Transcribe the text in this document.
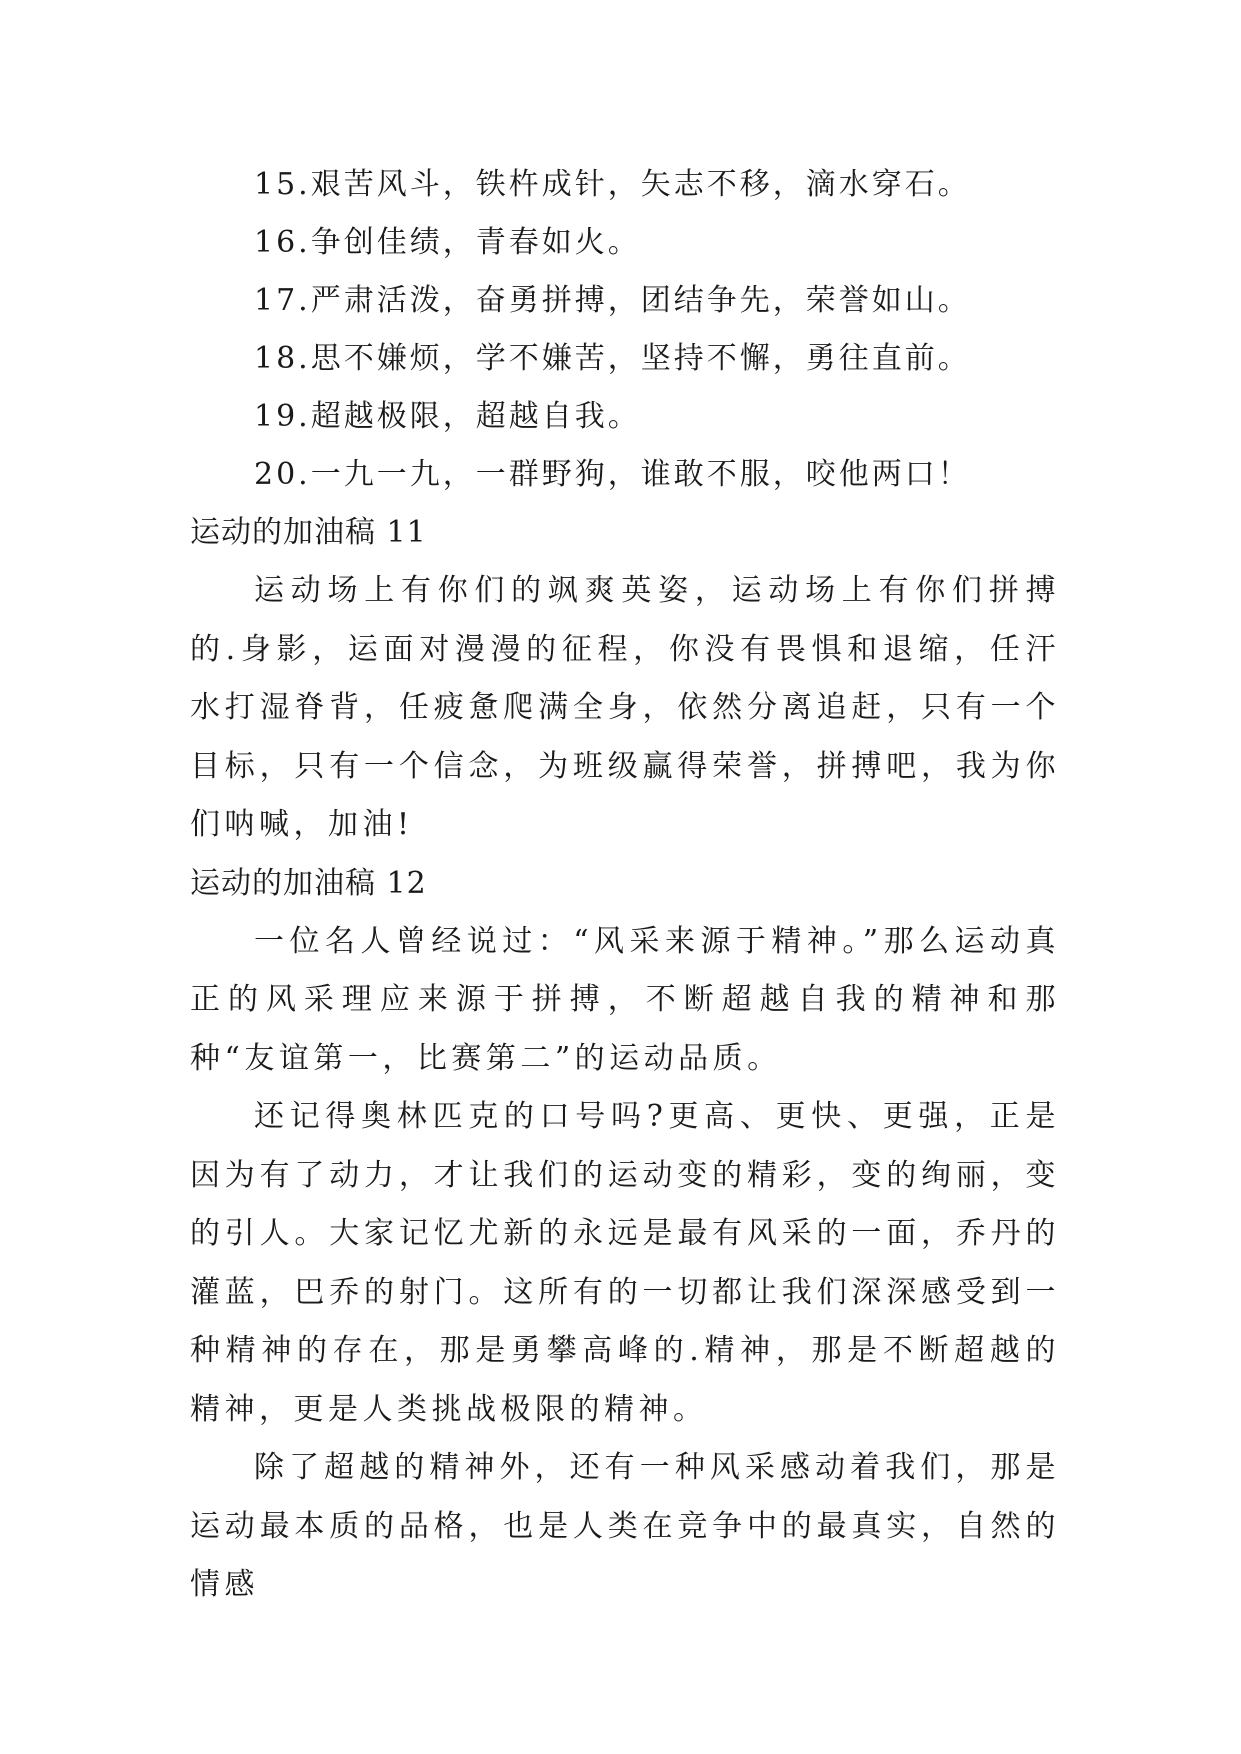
15.艰苦风斗，铁杵成针，矢志不移，滴水穿石。
16.争创佳绩，青春如火。
17.严肃活泼，奋勇拼搏，团结争先，荣誉如山。
18.思不嫌烦，学不嫌苦，坚持不懈，勇往直前。
19.超越极限，超越自我。
20.一九一九，一群野狗，谁敢不服，咬他两口！
运动的加油稿 11

运动场上有你们的飒爽英姿，运动场上有你们拼搏的.身影，运面对漫漫的征程，你没有畏惧和退缩，任汗水打湿脊背，任疲惫爬满全身，依然分离追赶，只有一个目标，只有一个信念，为班级赢得荣誉，拼搏吧，我为你们呐喊，加油!

运动的加油稿 12

一位名人曾经说过：“风采来源于精神。”那么运动真正的风采理应来源于拼搏，不断超越自我的精神和那种“友谊第一，比赛第二”的运动品质。

还记得奥林匹克的口号吗?更高、更快、更强，正是因为有了动力，才让我们的运动变的精彩，变的绚丽，变的引人。大家记忆尤新的永远是最有风采的一面，乔丹的灌蓝，巴乔的射门。这所有的一切都让我们深深感受到一种精神的存在，那是勇攀高峰的.精神，那是不断超越的精神，更是人类挑战极限的精神。

除了超越的精神外，还有一种风采感动着我们，那是运动最本质的品格，也是人类在竞争中的最真实，自然的情感
